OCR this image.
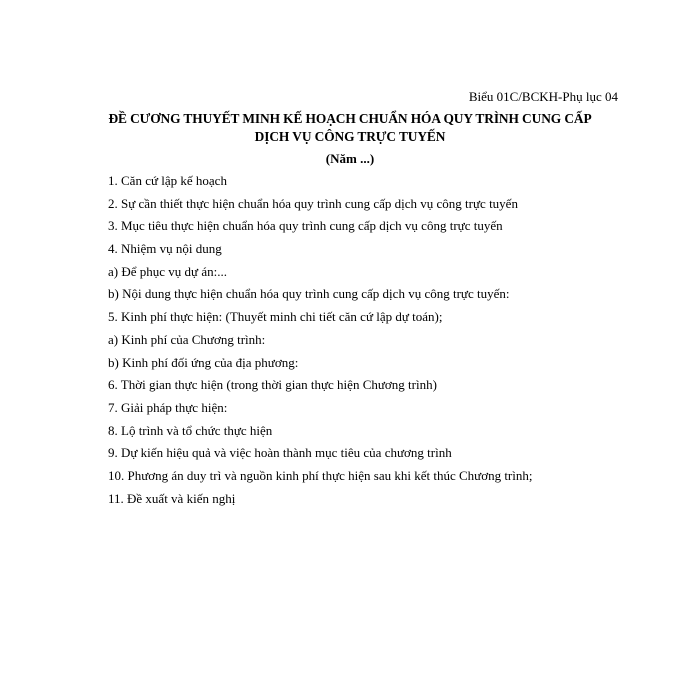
Biểu 01C/BCKH-Phụ lục 04
ĐỀ CƯƠNG THUYẾT MINH KẾ HOẠCH CHUẨN HÓA QUY TRÌNH CUNG CẤP
DỊCH VỤ CÔNG TRỰC TUYẾN
(Năm ...)
1. Căn cứ lập kế hoạch
2. Sự cần thiết thực hiện chuẩn hóa quy trình cung cấp dịch vụ công trực tuyến
3. Mục tiêu thực hiện chuẩn hóa quy trình cung cấp dịch vụ công trực tuyến
4. Nhiệm vụ nội dung
a) Để phục vụ dự án:...
b) Nội dung thực hiện chuẩn hóa quy trình cung cấp dịch vụ công trực tuyến:
5. Kinh phí thực hiện: (Thuyết minh chi tiết căn cứ lập dự toán);
a) Kinh phí của Chương trình:
b) Kinh phí đối ứng của địa phương:
6. Thời gian thực hiện (trong thời gian thực hiện Chương trình)
7. Giải pháp thực hiện:
8. Lộ trình và tổ chức thực hiện
9. Dự kiến hiệu quả và việc hoàn thành mục tiêu của chương trình
10. Phương án duy trì và nguồn kinh phí thực hiện sau khi kết thúc Chương trình;
11. Đề xuất và kiến nghị
